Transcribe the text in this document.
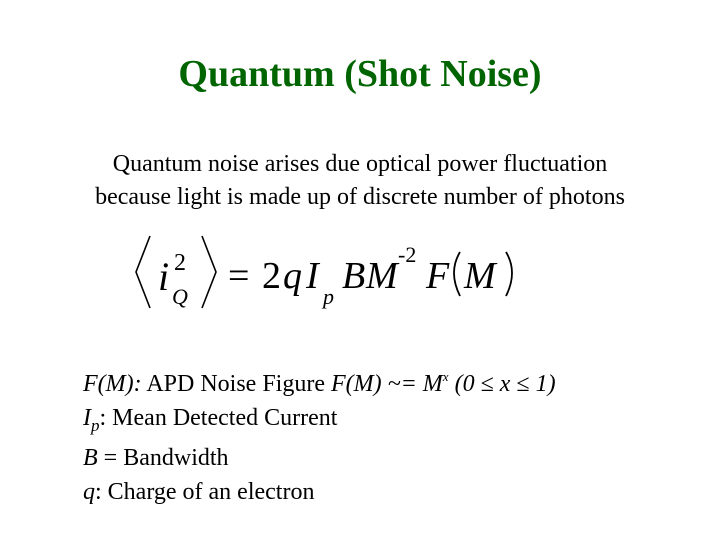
Quantum (Shot Noise)
Quantum noise arises due optical power fluctuation
because light is made up of discrete number of photons
i 2
Q = 2 q I p B M
-2
F M
F(M): APD Noise Figure F(M) ~= $M^x$ (0 ≤ x ≤ 1)
$I_p$: Mean Detected Current
B = Bandwidth
q: Charge of an electron
